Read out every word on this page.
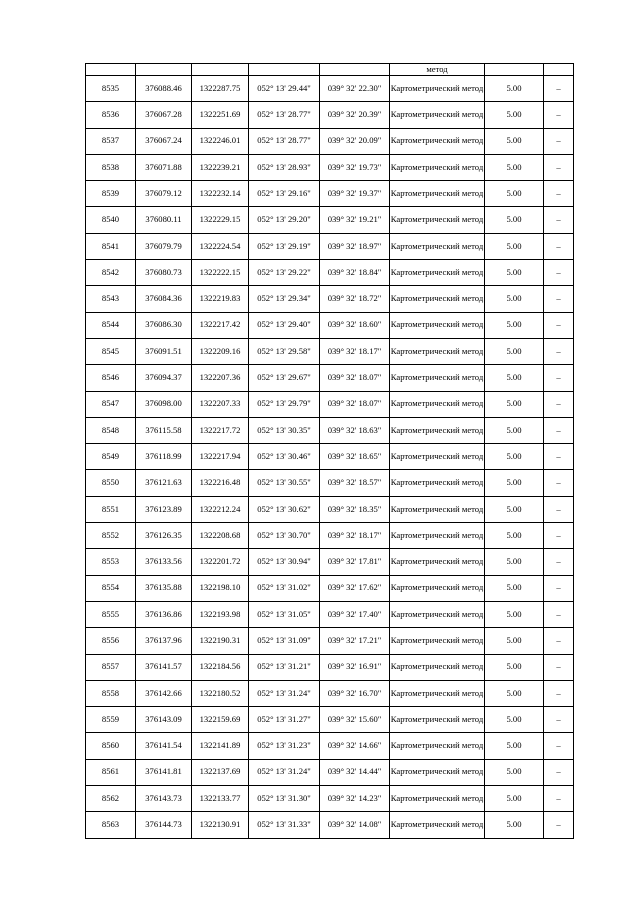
					метод		
8535	376088.46	1322287.75	052° 13' 29.44"	039° 32' 22.30"	Картометрический метод	5.00	–
8536	376067.28	1322251.69	052° 13' 28.77"	039° 32' 20.39"	Картометрический метод	5.00	–
8537	376067.24	1322246.01	052° 13' 28.77"	039° 32' 20.09"	Картометрический метод	5.00	–
8538	376071.88	1322239.21	052° 13' 28.93"	039° 32' 19.73"	Картометрический метод	5.00	–
8539	376079.12	1322232.14	052° 13' 29.16"	039° 32' 19.37"	Картометрический метод	5.00	–
8540	376080.11	1322229.15	052° 13' 29.20"	039° 32' 19.21"	Картометрический метод	5.00	–
8541	376079.79	1322224.54	052° 13' 29.19"	039° 32' 18.97"	Картометрический метод	5.00	–
8542	376080.73	1322222.15	052° 13' 29.22"	039° 32' 18.84"	Картометрический метод	5.00	–
8543	376084.36	1322219.83	052° 13' 29.34"	039° 32' 18.72"	Картометрический метод	5.00	–
8544	376086.30	1322217.42	052° 13' 29.40"	039° 32' 18.60"	Картометрический метод	5.00	–
8545	376091.51	1322209.16	052° 13' 29.58"	039° 32' 18.17"	Картометрический метод	5.00	–
8546	376094.37	1322207.36	052° 13' 29.67"	039° 32' 18.07"	Картометрический метод	5.00	–
8547	376098.00	1322207.33	052° 13' 29.79"	039° 32' 18.07"	Картометрический метод	5.00	–
8548	376115.58	1322217.72	052° 13' 30.35"	039° 32' 18.63"	Картометрический метод	5.00	–
8549	376118.99	1322217.94	052° 13' 30.46"	039° 32' 18.65"	Картометрический метод	5.00	–
8550	376121.63	1322216.48	052° 13' 30.55"	039° 32' 18.57"	Картометрический метод	5.00	–
8551	376123.89	1322212.24	052° 13' 30.62"	039° 32' 18.35"	Картометрический метод	5.00	–
8552	376126.35	1322208.68	052° 13' 30.70"	039° 32' 18.17"	Картометрический метод	5.00	–
8553	376133.56	1322201.72	052° 13' 30.94"	039° 32' 17.81"	Картометрический метод	5.00	–
8554	376135.88	1322198.10	052° 13' 31.02"	039° 32' 17.62"	Картометрический метод	5.00	–
8555	376136.86	1322193.98	052° 13' 31.05"	039° 32' 17.40"	Картометрический метод	5.00	–
8556	376137.96	1322190.31	052° 13' 31.09"	039° 32' 17.21"	Картометрический метод	5.00	–
8557	376141.57	1322184.56	052° 13' 31.21"	039° 32' 16.91"	Картометрический метод	5.00	–
8558	376142.66	1322180.52	052° 13' 31.24"	039° 32' 16.70"	Картометрический метод	5.00	–
8559	376143.09	1322159.69	052° 13' 31.27"	039° 32' 15.60"	Картометрический метод	5.00	–
8560	376141.54	1322141.89	052° 13' 31.23"	039° 32' 14.66"	Картометрический метод	5.00	–
8561	376141.81	1322137.69	052° 13' 31.24"	039° 32' 14.44"	Картометрический метод	5.00	–
8562	376143.73	1322133.77	052° 13' 31.30"	039° 32' 14.23"	Картометрический метод	5.00	–
8563	376144.73	1322130.91	052° 13' 31.33"	039° 32' 14.08"	Картометрический метод	5.00	–
